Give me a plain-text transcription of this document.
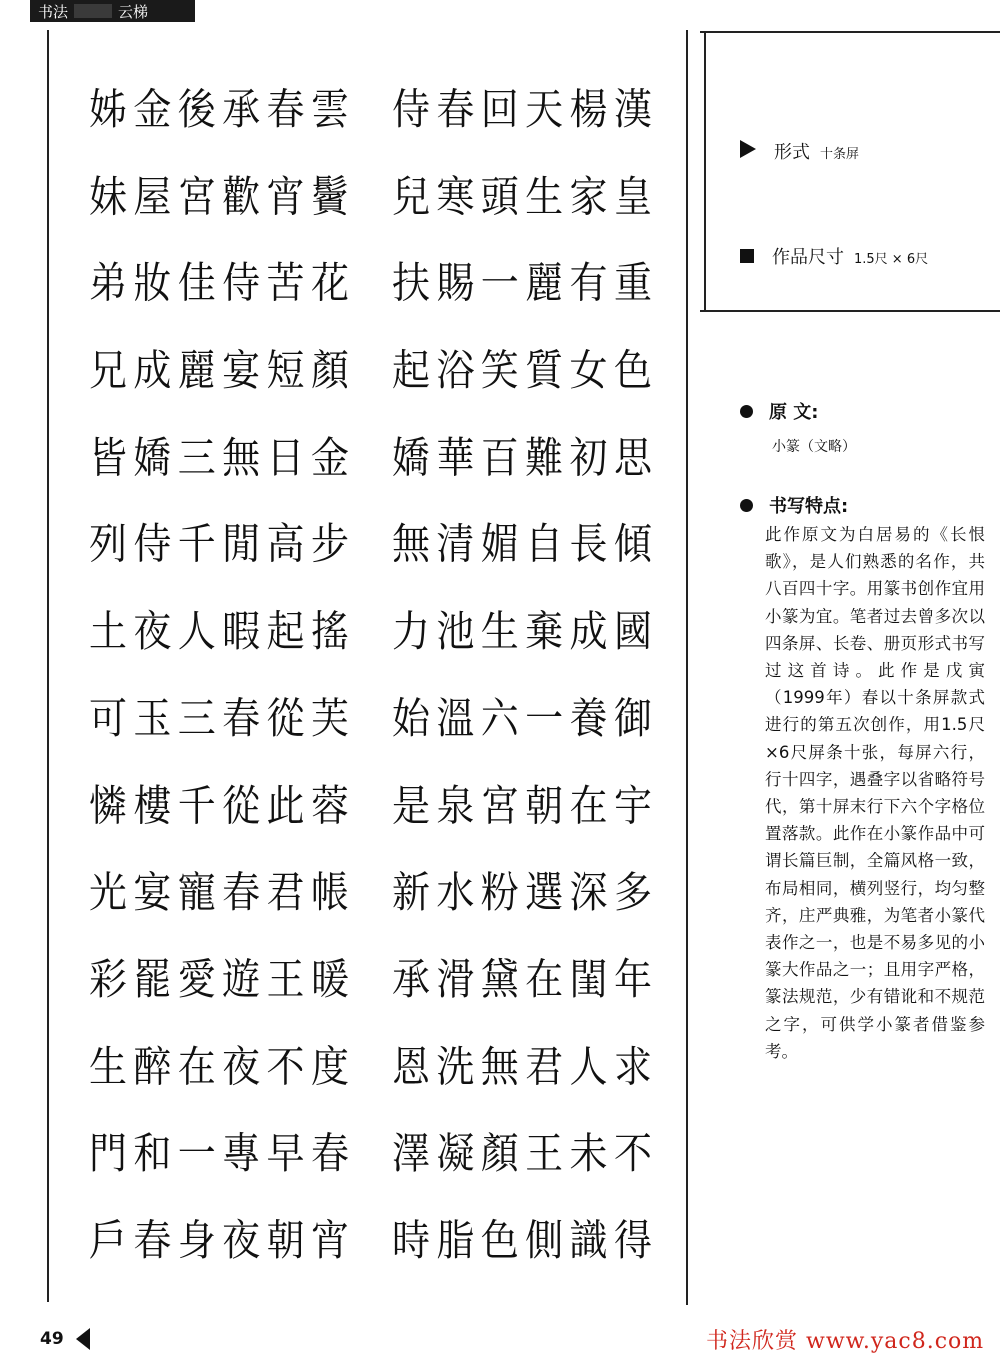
书法	云梯
雲
鬢
花
顏
金
步
搖
芙
蓉
帳
暖
度
春
宵
春
宵
苦
短
日
高
起
從
此
君
王
不
早
朝
承
歡
侍
宴
無
閒
暇
春
從
春
遊
夜
專
夜
後
宮
佳
麗
三
千
人
三
千
寵
愛
在
一
身
金
屋
妝
成
嬌
侍
夜
玉
樓
宴
罷
醉
和
春
姊
妹
弟
兄
皆
列
土
可
憐
光
彩
生
門
戶
漢
皇
重
色
思
傾
國
御
宇
多
年
求
不
得
楊
家
有
女
初
長
成
養
在
深
閨
人
未
識
天
生
麗
質
難
自
棄
一
朝
選
在
君
王
側
回
頭
一
笑
百
媚
生
六
宮
粉
黛
無
顏
色
春
寒
賜
浴
華
清
池
溫
泉
水
滑
洗
凝
脂
侍
兒
扶
起
嬌
無
力
始
是
新
承
恩
澤
時
形式 十条屏
作品尺寸 1.5尺 × 6尺
原 文:
小篆（文略）
书写特点:
此作原文为白居易的《长恨歌》，是人们熟悉的名作，共八百四十字。用篆书创作宜用小篆为宜。笔者过去曾多次以四条屏、长卷、册页形式书写过这首诗。此作是戊寅（1999年）春以十条屏款式进行的第五次创作，用1.5尺×6尺屏条十张，每屏六行，行十四字，遇叠字以省略符号代，第十屏末行下六个字格位置落款。此作在小篆作品中可谓长篇巨制，全篇风格一致，布局相同，横列竖行，均匀整齐，庄严典雅，为笔者小篆代表作之一，也是不易多见的小篆大作品之一；且用字严格，篆法规范，少有错讹和不规范之字，可供学小篆者借鉴参考。
49	书法欣赏 www.yac8.com
